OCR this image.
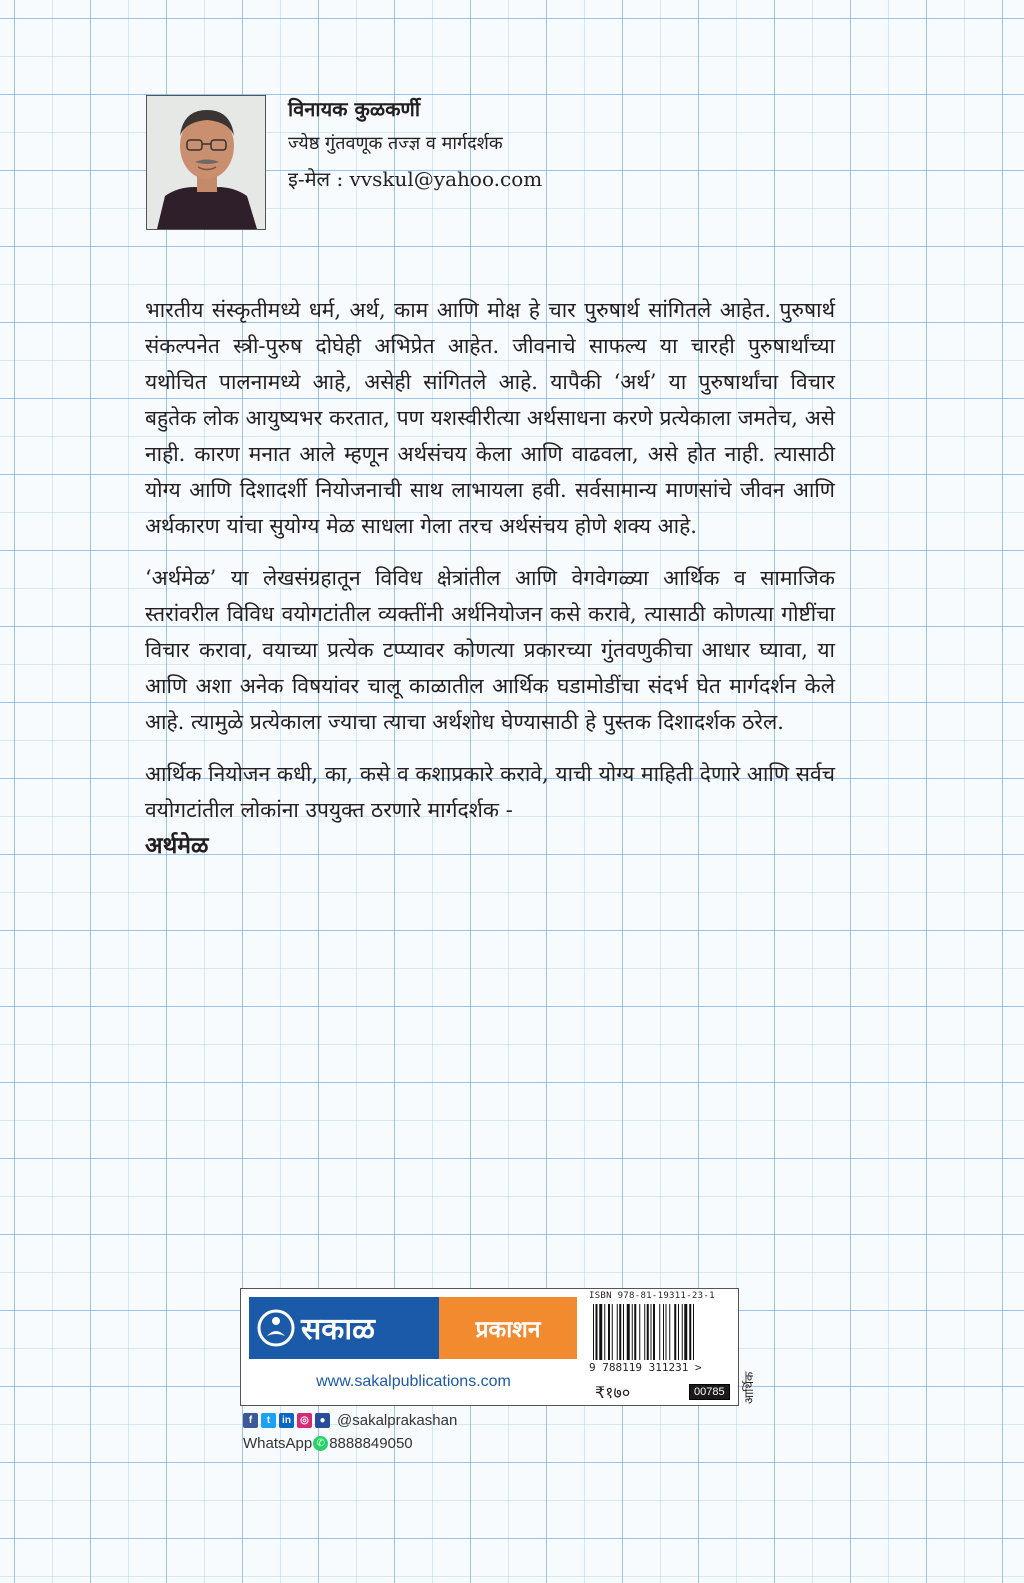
विनायक कुळकर्णी
ज्येष्ठ गुंतवणूक तज्ज्ञ व मार्गदर्शक
इ-मेल : vvskul@yahoo.com

भारतीय संस्कृतीमध्ये धर्म, अर्थ, काम आणि मोक्ष हे चार पुरुषार्थ सांगितले आहेत. पुरुषार्थ संकल्पनेत स्त्री-पुरुष दोघेही अभिप्रेत आहेत. जीवनाचे साफल्य या चारही पुरुषार्थांच्या यथोचित पालनामध्ये आहे, असेही सांगितले आहे. यापैकी ‘अर्थ’ या पुरुषार्थांचा विचार बहुतेक लोक आयुष्यभर करतात, पण यशस्वीरीत्या अर्थसाधना करणे प्रत्येकाला जमतेच, असे नाही. कारण मनात आले म्हणून अर्थसंचय केला आणि वाढवला, असे होत नाही. त्यासाठी योग्य आणि दिशादर्शी नियोजनाची साथ लाभायला हवी. सर्वसामान्य माणसांचे जीवन आणि अर्थकारण यांचा सुयोग्य मेळ साधला गेला तरच अर्थसंचय होणे शक्य आहे.

‘अर्थमेळ’ या लेखसंग्रहातून विविध क्षेत्रांतील आणि वेगवेगळ्या आर्थिक व सामाजिक स्तरांवरील विविध वयोगटांतील व्यक्तींनी अर्थनियोजन कसे करावे, त्यासाठी कोणत्या गोष्टींचा विचार करावा, वयाच्या प्रत्येक टप्प्यावर कोणत्या प्रकारच्या गुंतवणुकीचा आधार घ्यावा, या आणि अशा अनेक विषयांवर चालू काळातील आर्थिक घडामोडींचा संदर्भ घेत मार्गदर्शन केले आहे. त्यामुळे प्रत्येकाला ज्याचा त्याचा अर्थशोध घेण्यासाठी हे पुस्तक दिशादर्शक ठरेल.

आर्थिक नियोजन कधी, का, कसे व कशाप्रकारे करावे, याची योग्य माहिती देणारे आणि सर्वच वयोगटांतील लोकांना उपयुक्त ठरणारे मार्गदर्शक -

अर्थमेळ
सकाळ	प्रकाशन
www.sakalpublications.com
ISBN 978-81-19311-23-1
9 788119 311231 >
₹१७०	00785	आर्थिक
f	t	in ◎	● @sakalprakashan
WhatsApp ✆ 8888849050
